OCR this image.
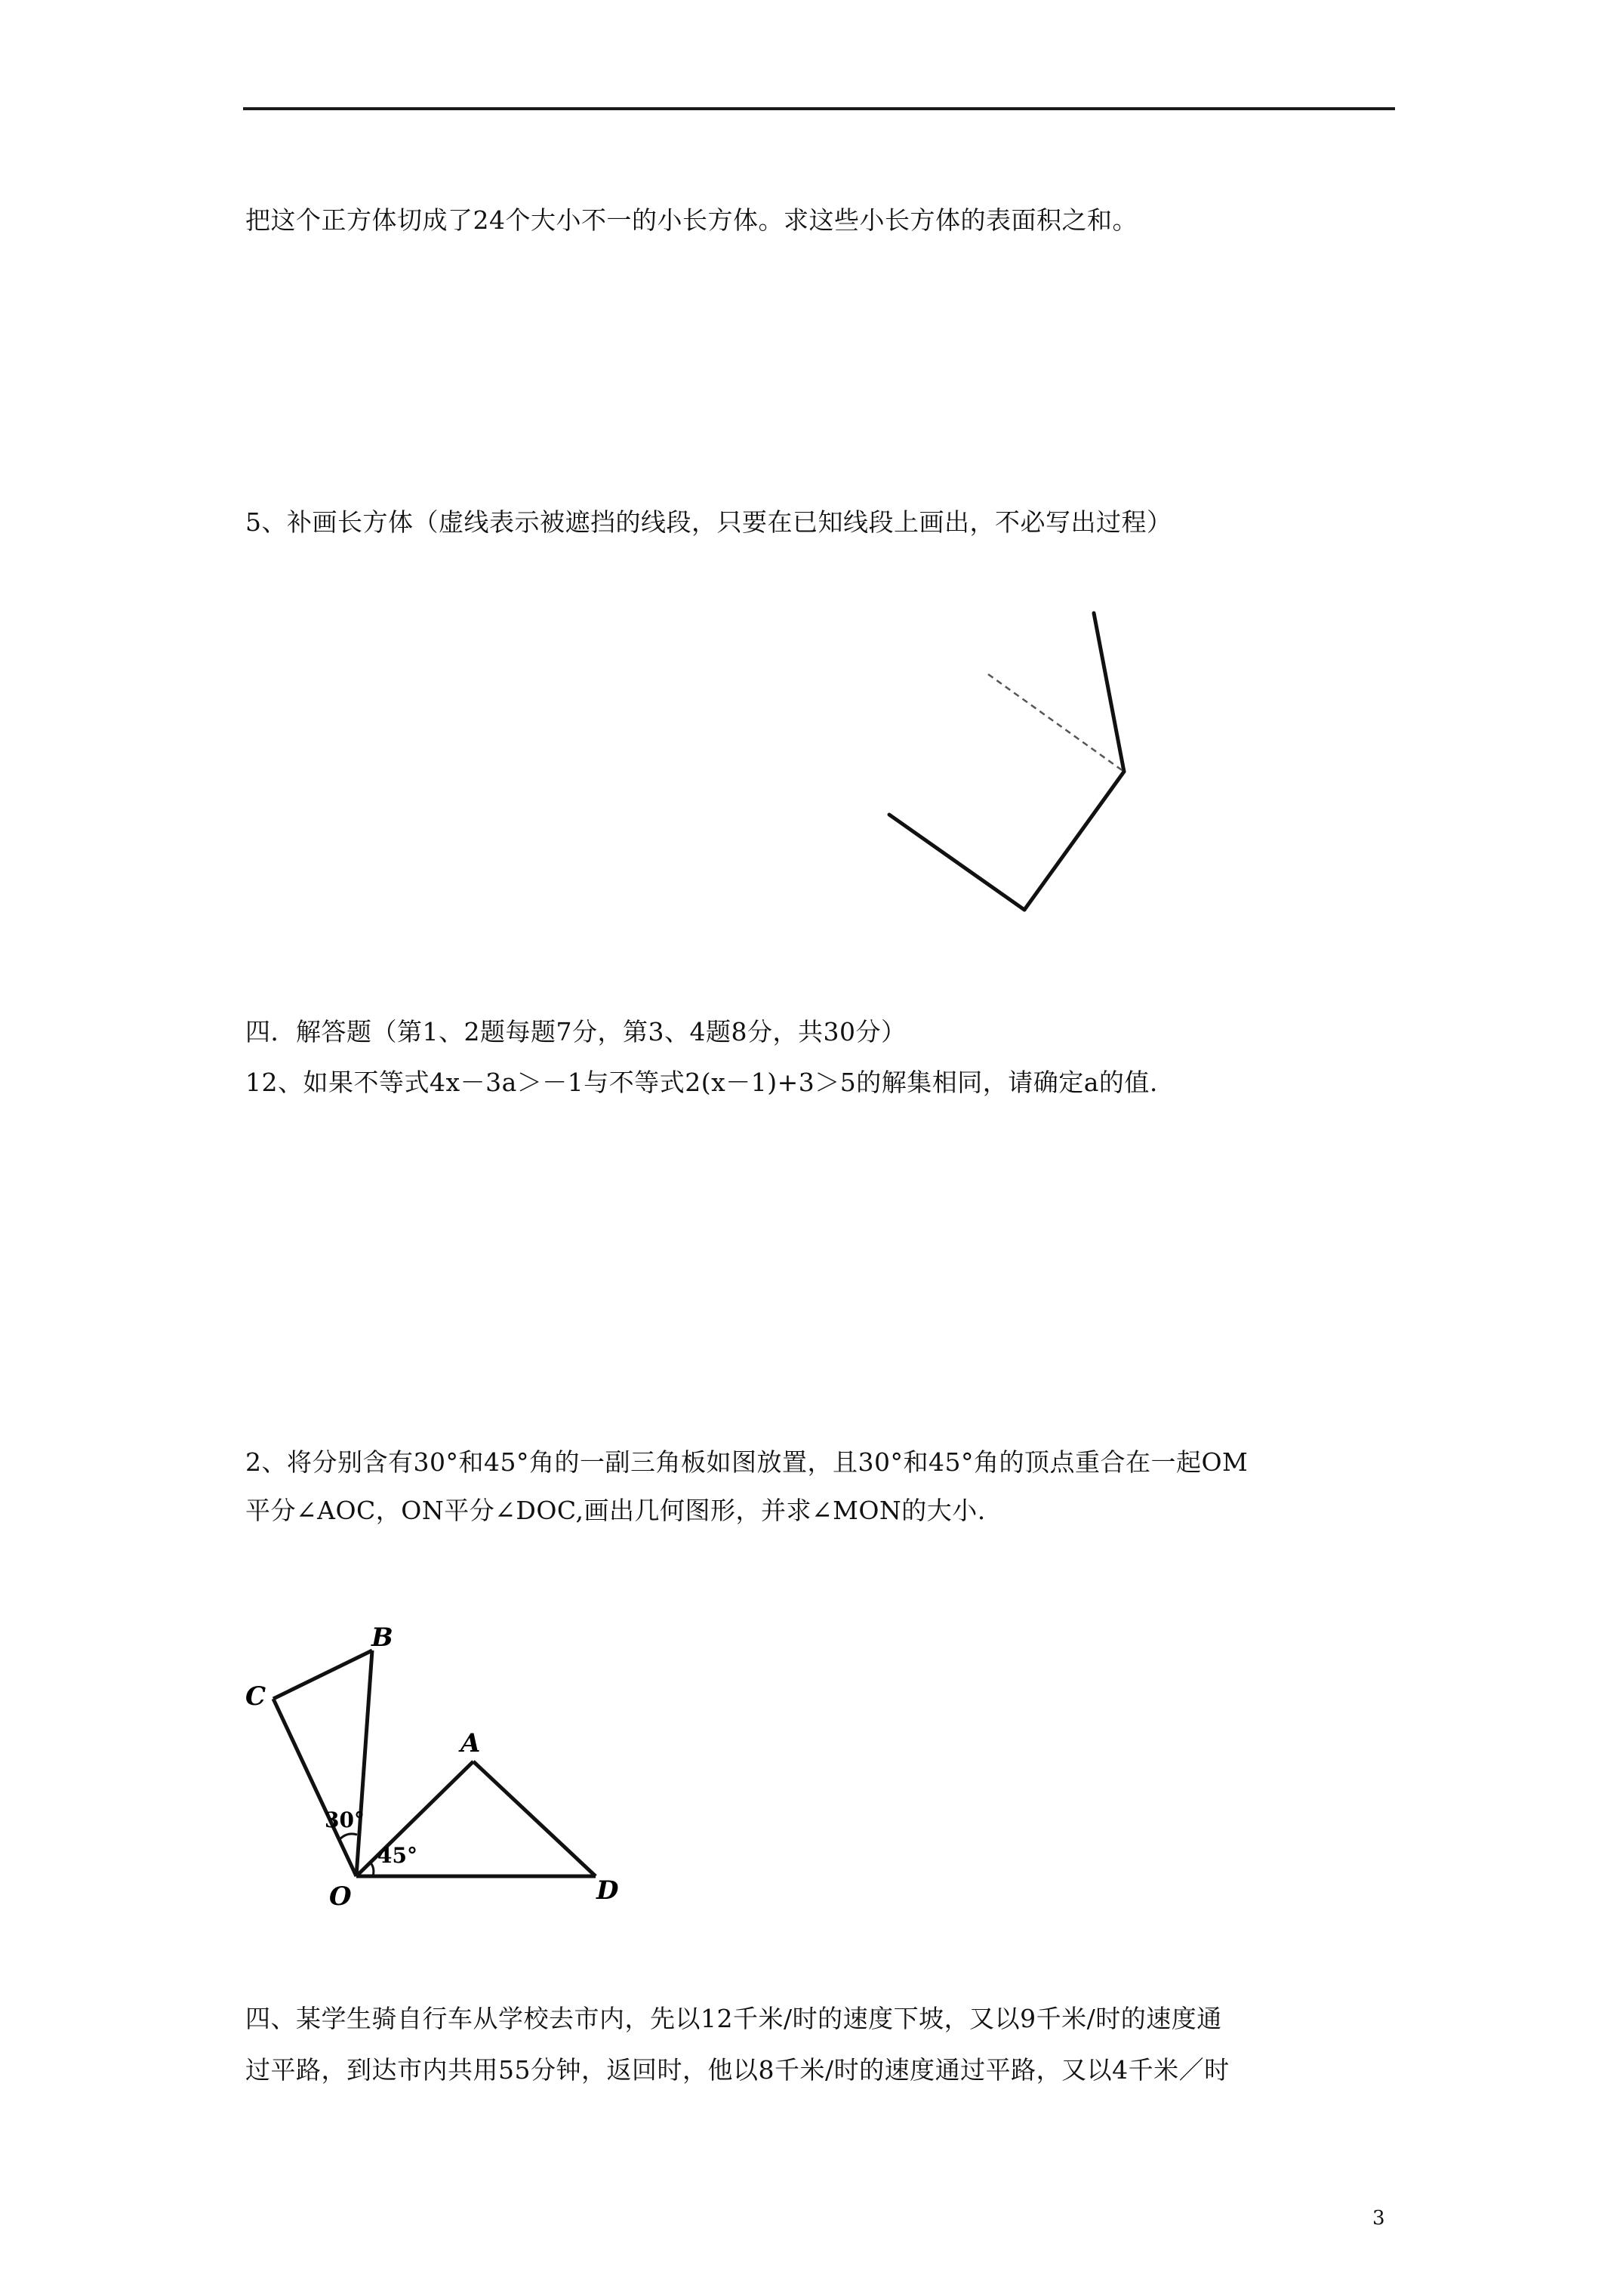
把这个正方体切成了24个大小不一的小长方体。求这些小长方体的表面积之和。
5、补画长方体（虚线表示被遮挡的线段，只要在已知线段上画出，不必写出过程）
四．解答题（第1、2题每题7分，第3、4题8分，共30分）
12、如果不等式4x－3a＞－1与不等式2(x－1)+3＞5的解集相同，请确定a的值.
2、将分别含有30°和45°角的一副三角板如图放置，且30°和45°角的顶点重合在一起OM
平分∠AOC，ON平分∠DOC,画出几何图形，并求∠MON的大小.
B
C
A
O	D
30°
45°
四、某学生骑自行车从学校去市内，先以12千米/时的速度下坡，又以9千米/时的速度通
过平路，到达市内共用55分钟，返回时，他以8千米/时的速度通过平路，又以4千米／时
3
